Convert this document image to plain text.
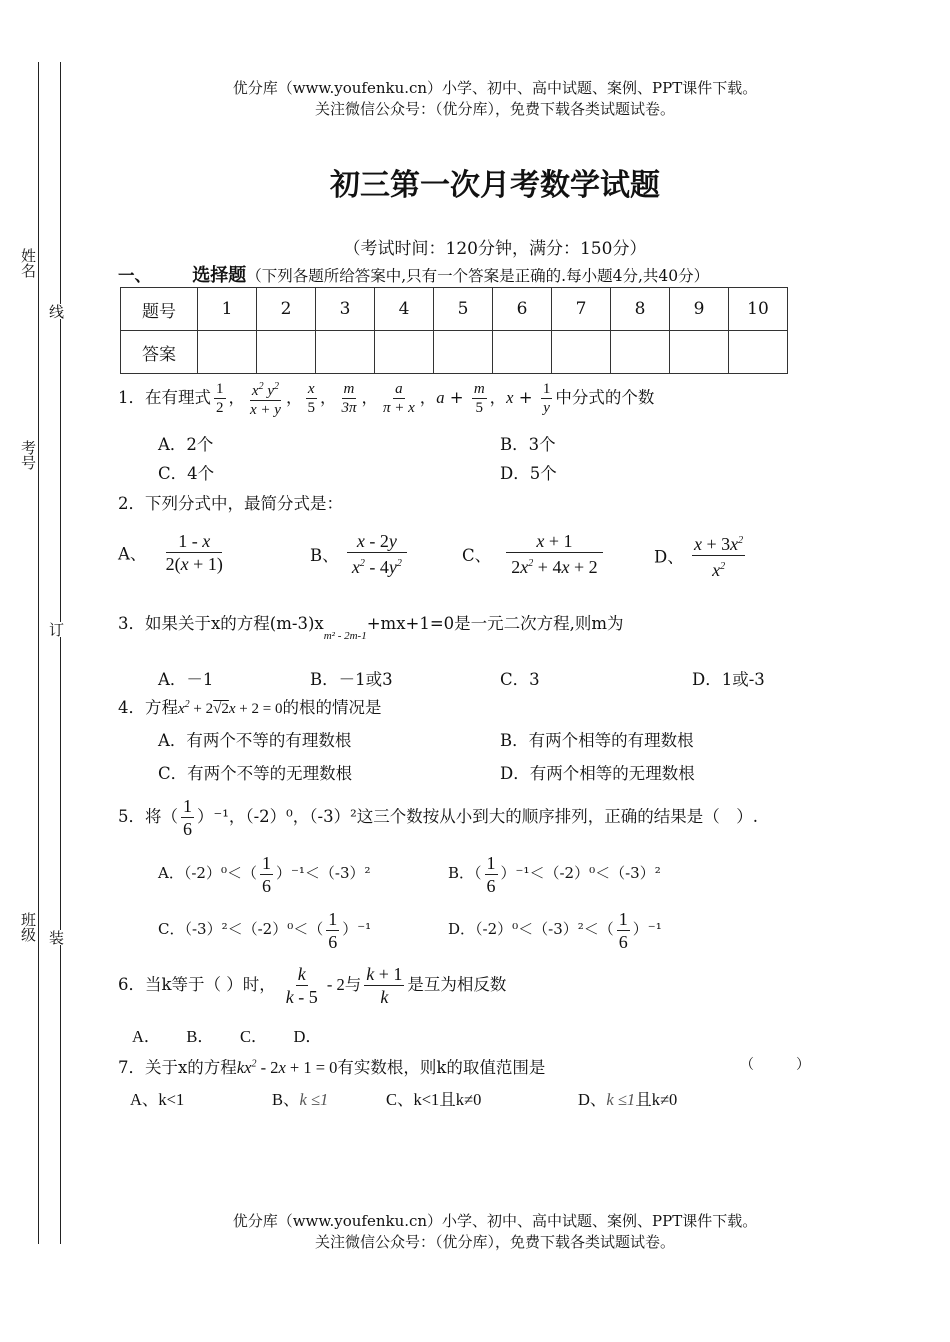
姓名
线
考号
订
班级 装
优分库（www.youfenku.cn）小学、初中、高中试题、案例、PPT课件下载。
关注微信公众号：（优分库），免费下载各类试题试卷。
初三第一次月考数学试题
（考试时间：120分钟，满分：150分）
一、 选择题（下列各题所给答案中,只有一个答案是正确的.每小题4分,共40分）
题号	1	2	3	4	5	6	7	8	9	10
答案										
1．在有理式 $\frac{1}{2}$ ， $\frac{x^2 y^2}{x + y}$ ， $\frac{x}{5}$ ， $\frac{m}{3\pi}$ ， $\frac{a}{\pi + x}$ ，$a + \frac{m}{5}$ ，$x + \frac{1}{y}$ 中分式的个数
A．2个	B．3个
C．4个	D．5个
2．下列分式中，最简分式是：
A、 $\frac{1 - x}{2(x + 1)}$	B、 $\frac{x - 2y}{x^2 - 4y^2}$	C、 $\frac{x + 1}{2x^2 + 4x + 2}$	D、 $\frac{x + 3x^2}{x^2}$
3．如果关于x的方程$(m-3)x_{m^2 - 2m-1}+mx+1=0$是一元二次方程,则m为
A．－1	B．－1或3	C．3	D．1或-3
4．方程$x^2 + 2√2x + 2 = 0$的根的情况是
A．有两个不等的有理数根	B．有两个相等的有理数根
C．有两个不等的无理数根	D．有两个相等的无理数根
5．将（ $\frac{1}{6} )^{-1}$，（-2）⁰，（-3）²这三个数按从小到大的顺序排列，正确的结果是（　）.
A．$(-2)^0<( \frac{1}{6} )^{-1}<(-3)^2$	B．（ $\frac{1}{6} )^{-1}<(-2)^0<(-3)^2$
C．$(-3)^2<(-2)^0<( \frac{1}{6} )^{-1}$	D．$(-2)^0<(-3)^2<( \frac{1}{6} )^{-1}$
6．当k等于（ ）时， $\frac{k}{k - 5} - 2$与 $\frac{k + 1}{k}$ 是互为相反数
A． B． C． D．
7．关于x的方程$kx^2 - 2x + 1 = 0$有实数根，则k的取值范围是	（　　　）
A、k<1	B、k ≤1	C、k<1且k≠0	D、k ≤1且k≠0
优分库（www.youfenku.cn）小学、初中、高中试题、案例、PPT课件下载。
关注微信公众号：（优分库），免费下载各类试题试卷。
